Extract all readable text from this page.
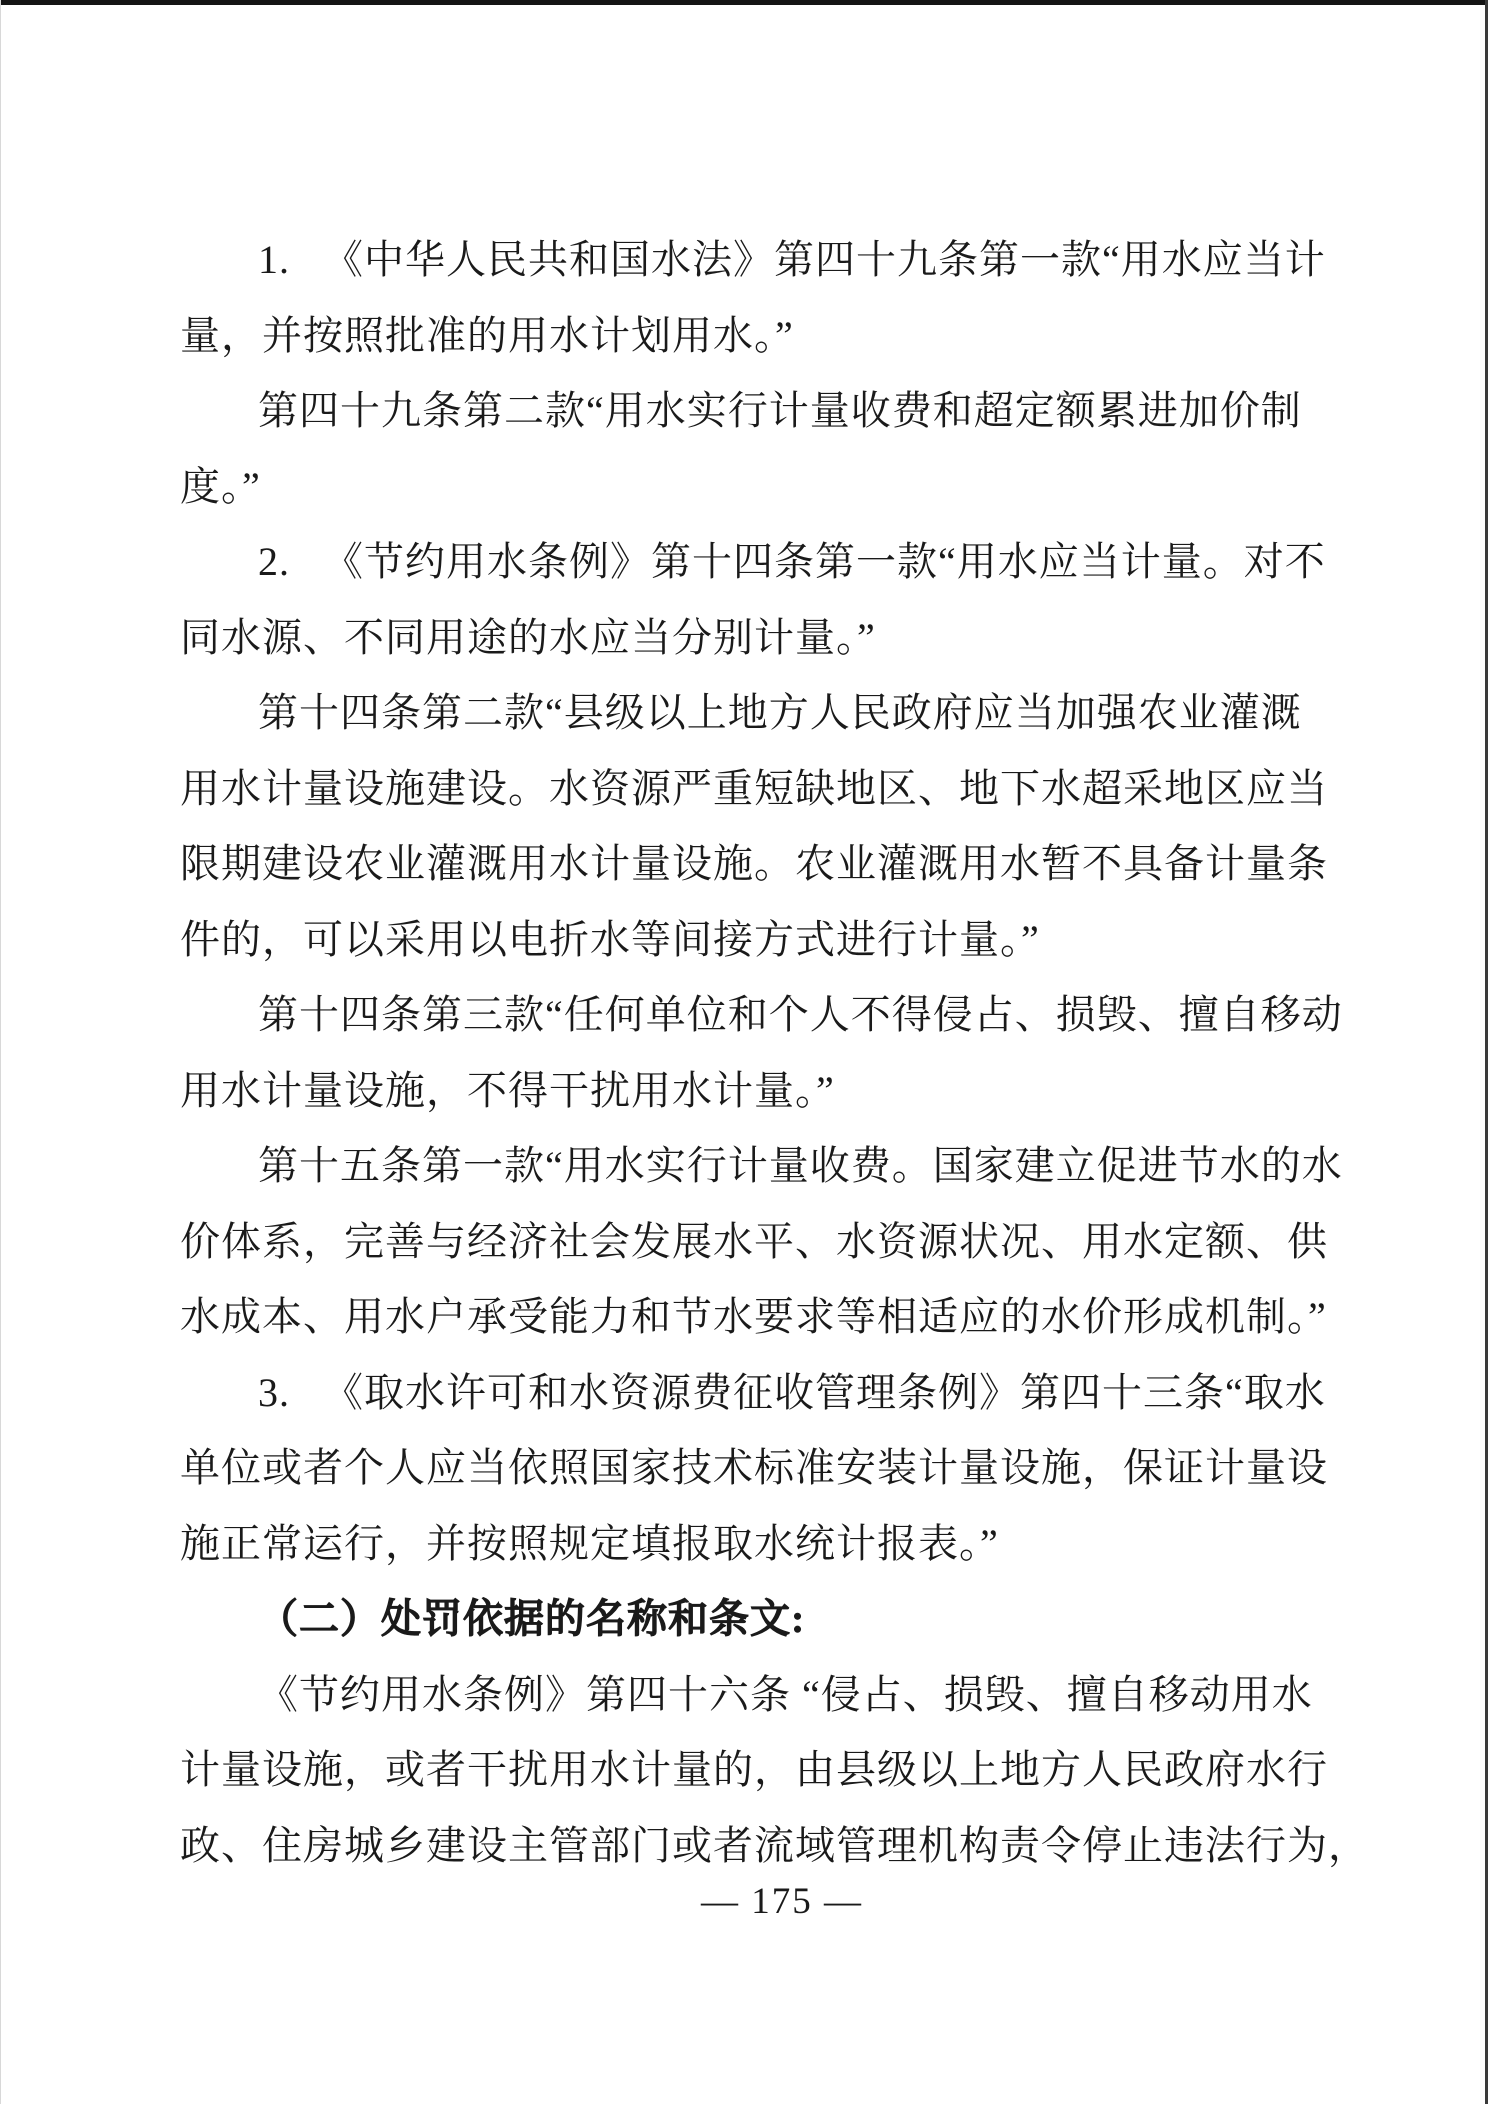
1.   《中华人民共和国水法》第四十九条第一款“用水应当计
量，并按照批准的用水计划用水。”
第四十九条第二款“用水实行计量收费和超定额累进加价制
度。”
2.   《节约用水条例》第十四条第一款“用水应当计量。对不
同水源、不同用途的水应当分别计量。”
第十四条第二款“县级以上地方人民政府应当加强农业灌溉
用水计量设施建设。水资源严重短缺地区、地下水超采地区应当
限期建设农业灌溉用水计量设施。农业灌溉用水暂不具备计量条
件的，可以采用以电折水等间接方式进行计量。”
第十四条第三款“任何单位和个人不得侵占、损毁、擅自移动
用水计量设施，不得干扰用水计量。”
第十五条第一款“用水实行计量收费。国家建立促进节水的水
价体系，完善与经济社会发展水平、水资源状况、用水定额、供
水成本、用水户承受能力和节水要求等相适应的水价形成机制。”
3.   《取水许可和水资源费征收管理条例》第四十三条“取水
单位或者个人应当依照国家技术标准安装计量设施，保证计量设
施正常运行，并按照规定填报取水统计报表。”
（二）处罚依据的名称和条文:
《节约用水条例》第四十六条 “侵占、损毁、擅自移动用水
计量设施，或者干扰用水计量的，由县级以上地方人民政府水行
政、住房城乡建设主管部门或者流域管理机构责令停止违法行为，
— 175 —
